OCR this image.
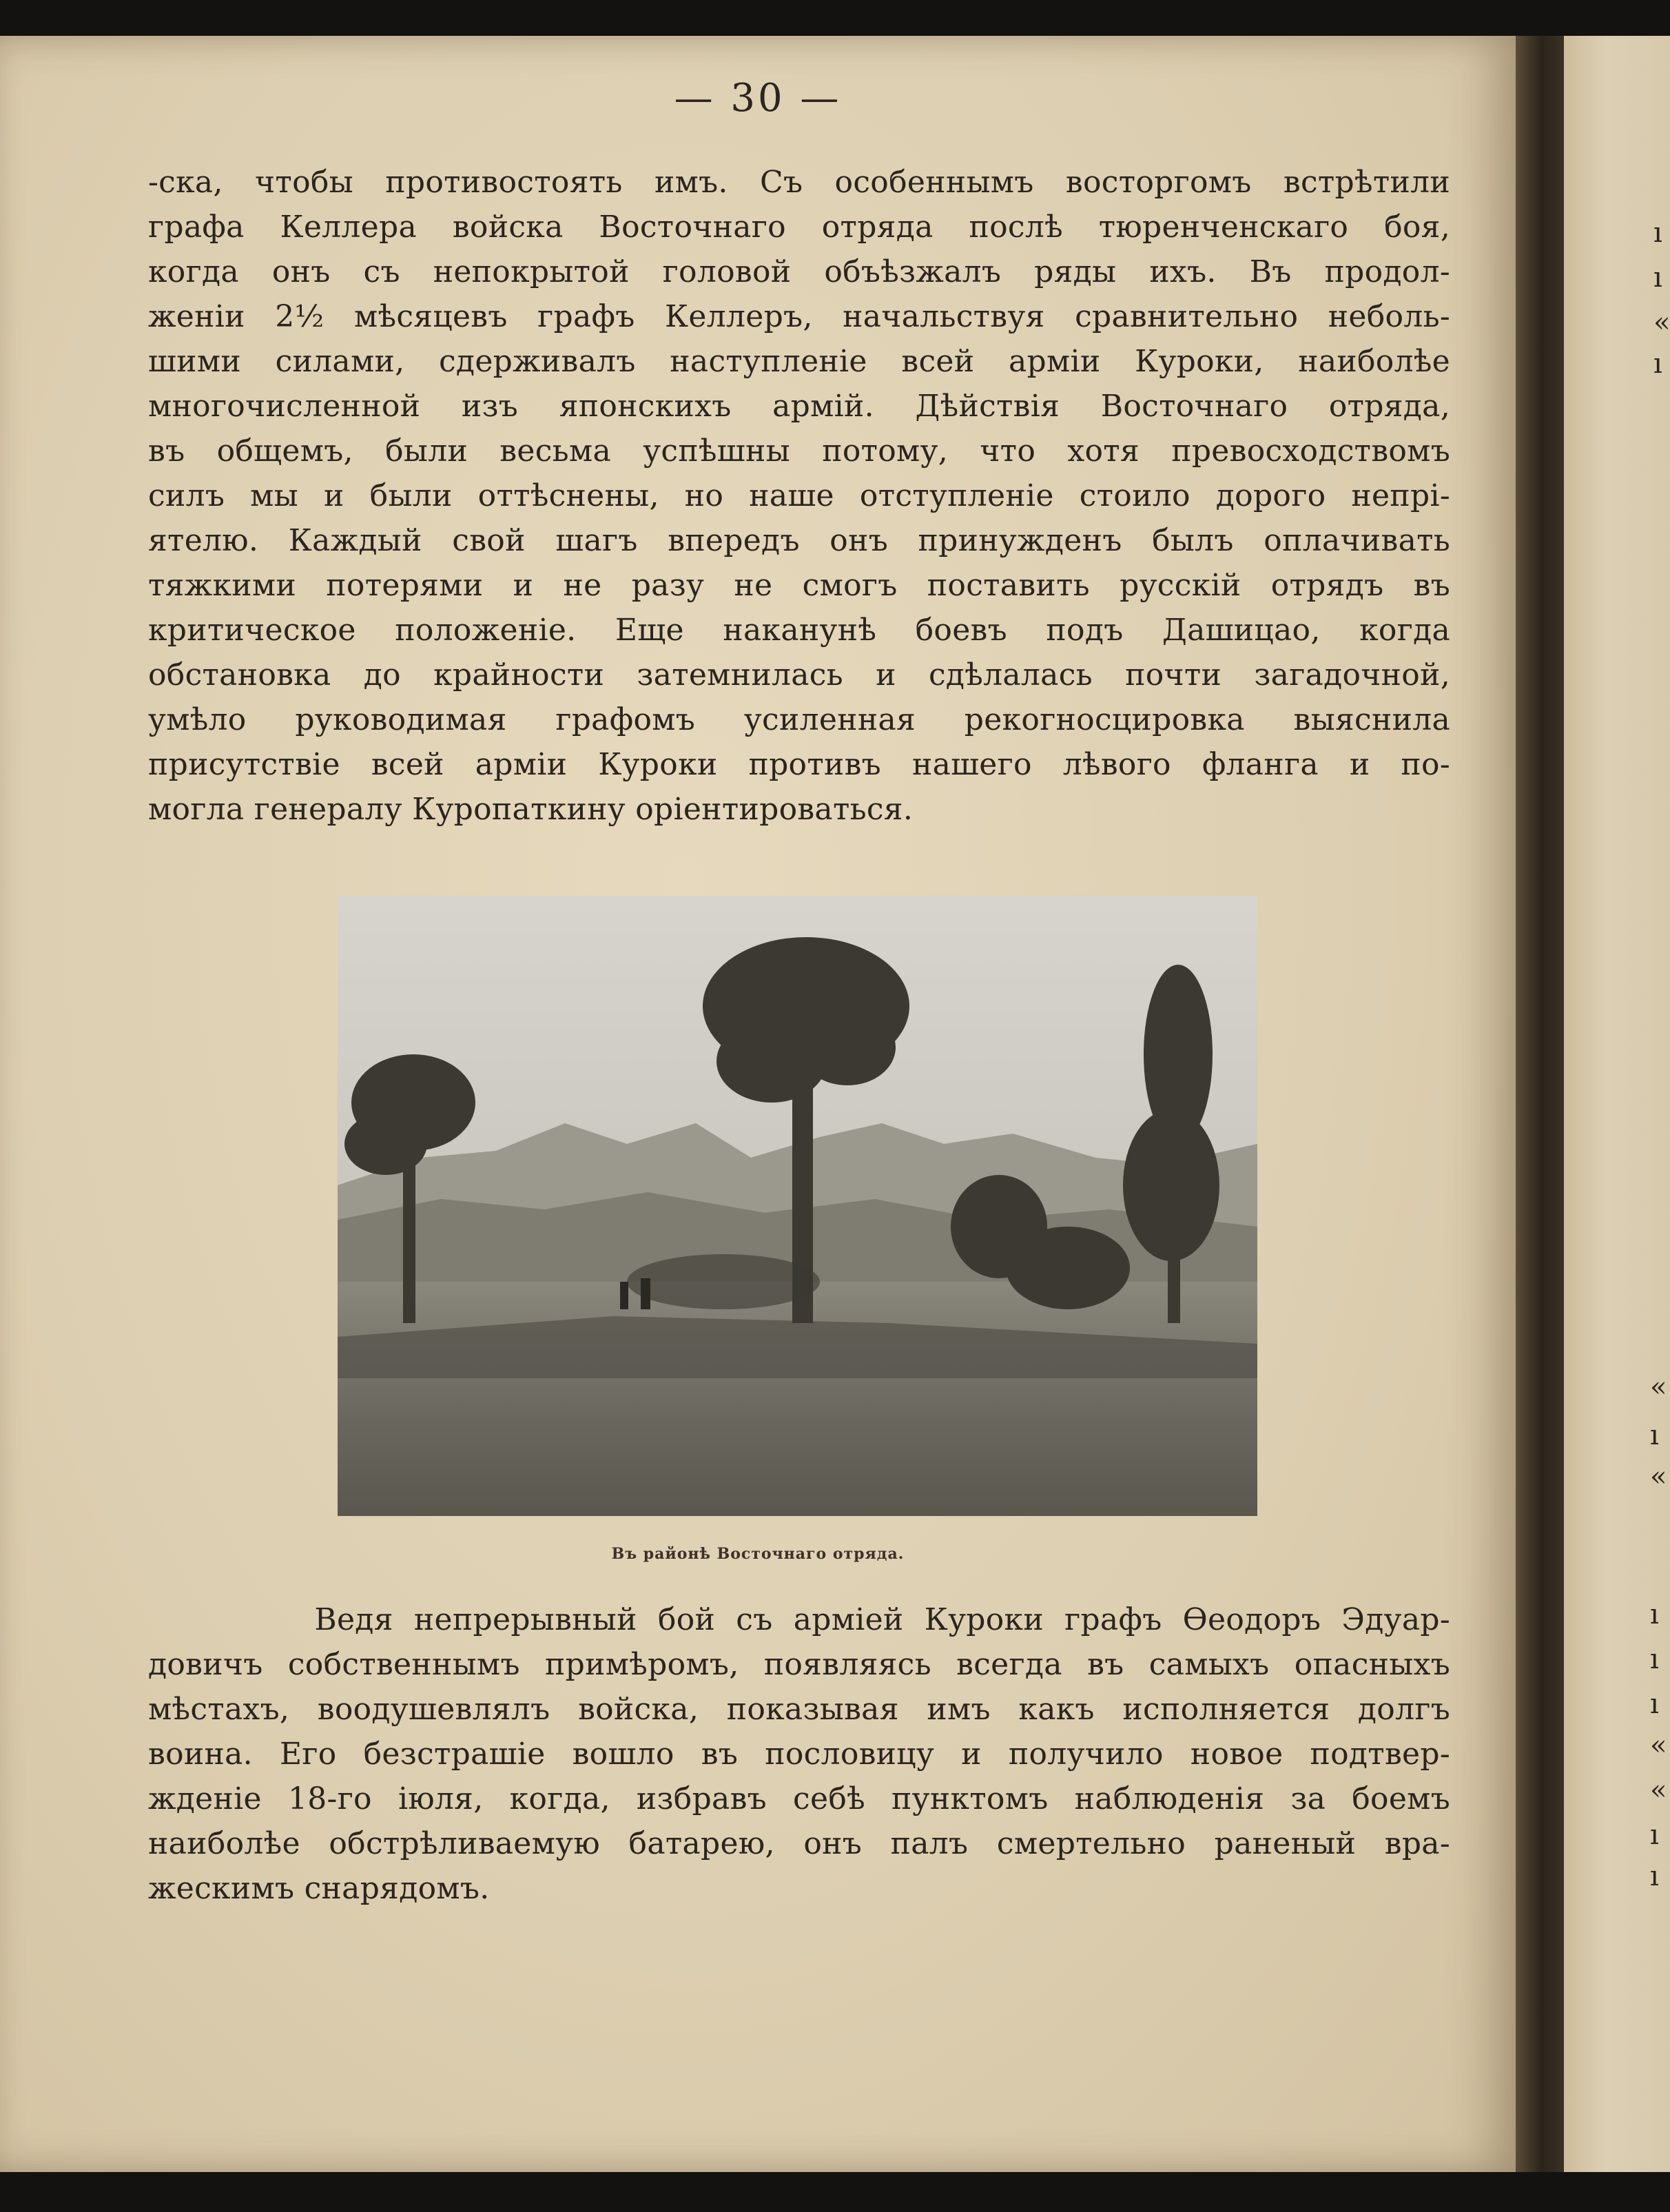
— 30 —
-ска, чтобы противостоять имъ. Съ особеннымъ восторгомъ встрѣтили
графа Келлера войска Восточнаго отряда послѣ тюренченскаго боя,
когда онъ съ непокрытой головой объѣзжалъ ряды ихъ. Въ продол-
женіи 2½ мѣсяцевъ графъ Келлеръ, начальствуя сравнительно неболь-
шими силами, сдерживалъ наступленіе всей арміи Куроки, наиболѣе
многочисленной изъ японскихъ армій. Дѣйствія Восточнаго отряда,
въ общемъ, были весьма успѣшны потому, что хотя превосходствомъ
силъ мы и были оттѣснены, но наше отступленіе стоило дорого непрі-
ятелю. Каждый свой шагъ впередъ онъ принужденъ былъ оплачивать
тяжкими потерями и не разу не смогъ поставить русскій отрядъ въ
критическое положеніе. Еще наканунѣ боевъ подъ Дашицао, когда
обстановка до крайности затемнилась и сдѣлалась почти загадочной,
умѣло руководимая графомъ усиленная рекогносцировка выяснила
присутствіе всей арміи Куроки противъ нашего лѣвого фланга и по-
могла генералу Куропаткину оріентироваться.
Въ районѣ Восточнаго отряда.
Ведя непрерывный бой съ арміей Куроки графъ Ѳеодоръ Эдуар-
довичъ собственнымъ примѣромъ, появляясь всегда въ самыхъ опасныхъ
мѣстахъ, воодушевлялъ войска, показывая имъ какъ исполняется долгъ
воина. Его безстрашіе вошло въ пословицу и получило новое подтвер-
жденіе 18-го іюля, когда, избравъ себѣ пунктомъ наблюденія за боемъ
наиболѣе обстрѣливаемую батарею, онъ палъ смертельно раненый вра-
жескимъ снарядомъ.
ı
ı
«
ı
«
ı
«
ı
ı
ı
«
«
ı
ı
